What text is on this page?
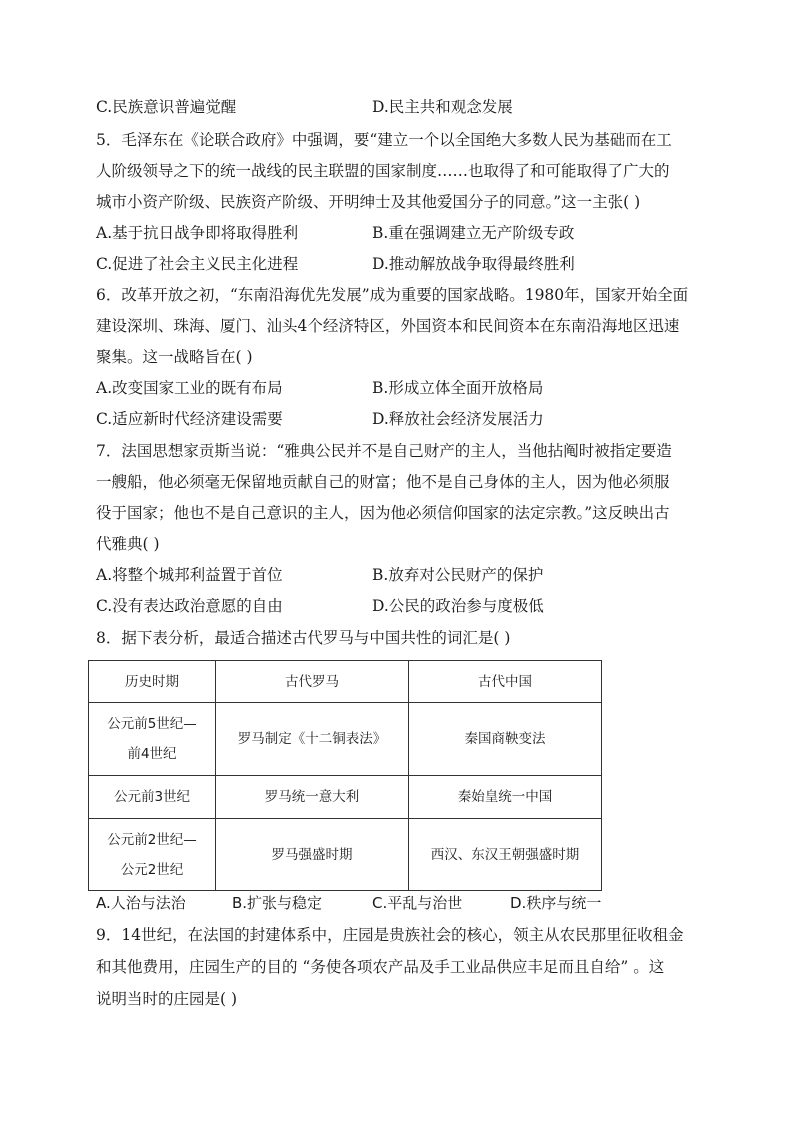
C.民族意识普遍觉醒	D.民主共和观念发展
5．毛泽东在《论联合政府》中强调，要“建立一个以全国绝大多数人民为基础而在工
人阶级领导之下的统一战线的民主联盟的国家制度……也取得了和可能取得了广大的
城市小资产阶级、民族资产阶级、开明绅士及其他爱国分子的同意。”这一主张( )
A.基于抗日战争即将取得胜利	B.重在强调建立无产阶级专政
C.促进了社会主义民主化进程	D.推动解放战争取得最终胜利
6．改革开放之初，“东南沿海优先发展”成为重要的国家战略。1980年，国家开始全面
建设深圳、珠海、厦门、汕头4个经济特区，外国资本和民间资本在东南沿海地区迅速
聚集。这一战略旨在( )
A.改变国家工业的既有布局	B.形成立体全面开放格局
C.适应新时代经济建设需要	D.释放社会经济发展活力
7．法国思想家贡斯当说：“雅典公民并不是自己财产的主人，当他拈阄时被指定要造
一艘船，他必须毫无保留地贡献自己的财富；他不是自己身体的主人，因为他必须服
役于国家；他也不是自己意识的主人，因为他必须信仰国家的法定宗教。”这反映出古
代雅典( )
A.将整个城邦利益置于首位	B.放弃对公民财产的保护
C.没有表达政治意愿的自由	D.公民的政治参与度极低
8．据下表分析，最适合描述古代罗马与中国共性的词汇是( )
历史时期	古代罗马	古代中国

公元前5世纪—
前4世纪	罗马制定《十二铜表法》	秦国商鞅变法

公元前3世纪	罗马统一意大利	秦始皇统一中国

公元前2世纪—
公元2世纪	罗马强盛时期	西汉、东汉王朝强盛时期
A.人治与法治	B.扩张与稳定	C.平乱与治世	D.秩序与统一
9．14世纪，在法国的封建体系中，庄园是贵族社会的核心，领主从农民那里征收租金
和其他费用，庄园生产的目的 “务使各项农产品及手工业品供应丰足而且自给” 。这
说明当时的庄园是( )
